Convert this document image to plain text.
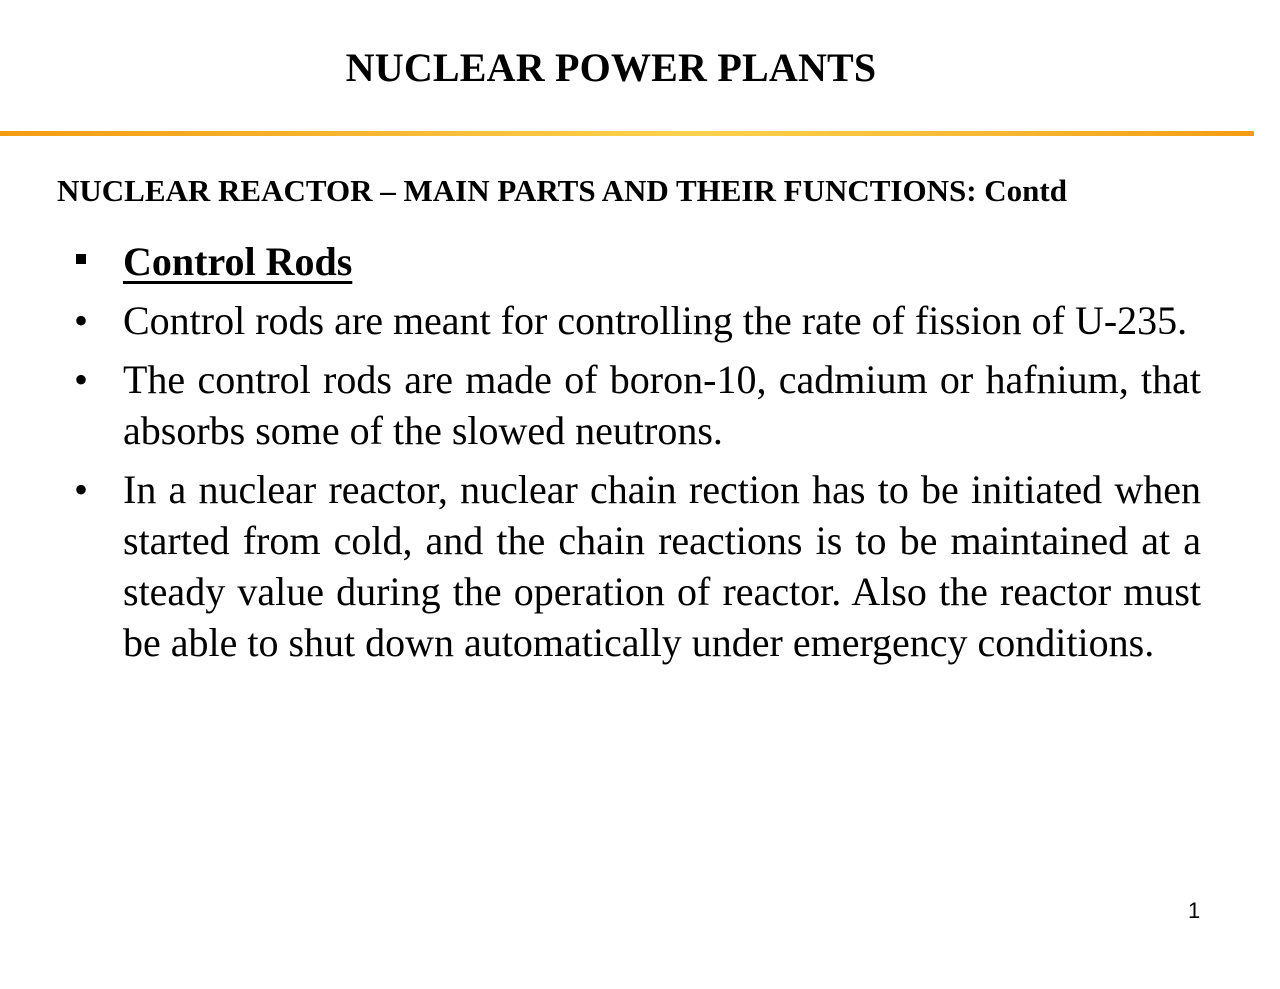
NUCLEAR POWER PLANTS
NUCLEAR REACTOR – MAIN PARTS AND THEIR FUNCTIONS: Contd
Control Rods
• Control rods are meant for controlling the rate of fission of U-235.
• The control rods are made of boron-10, cadmium or hafnium, that absorbs some of the slowed neutrons.
• In a nuclear reactor, nuclear chain rection has to be initiated when started from cold, and the chain reactions is to be maintained at a steady value during the operation of reactor. Also the reactor must be able to shut down automatically under emergency conditions.
1
